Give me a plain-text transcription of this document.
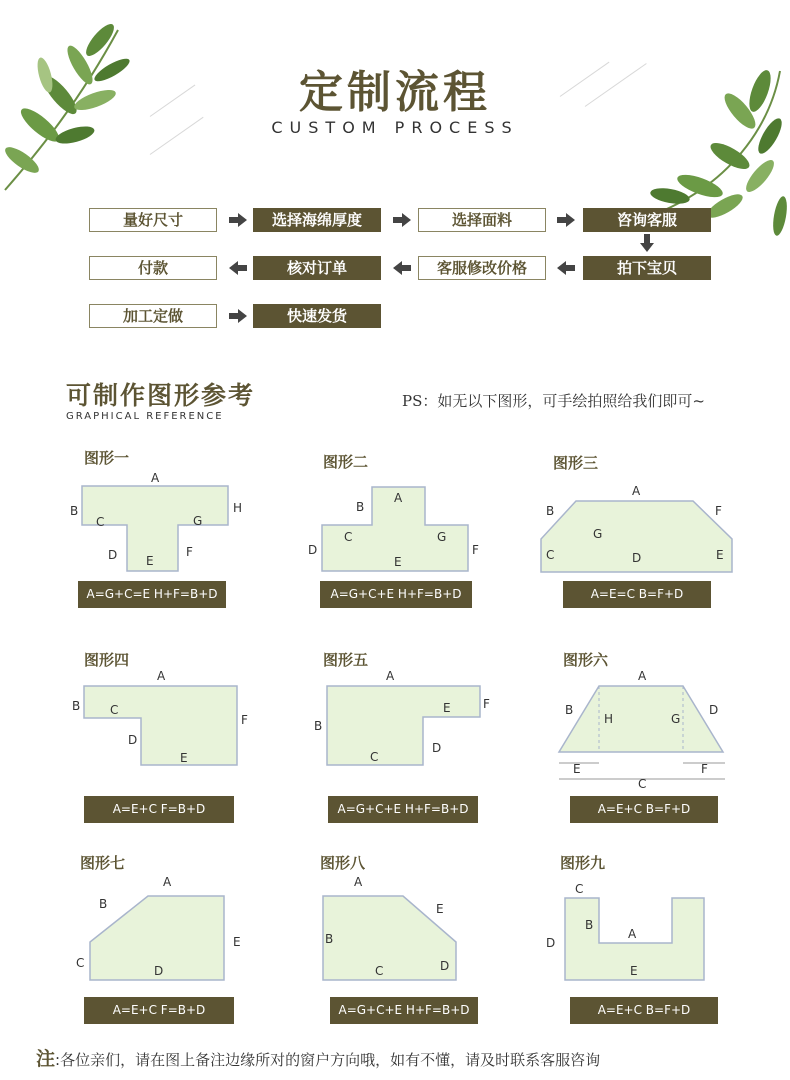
定制流程
CUSTOM PROCESS
量好尺寸	选择海绵厚度	选择面料	咨询客服
拍下宝贝
客服修改价格
核对订单
付款
加工定做	快速发货
可制作图形参考
GRAPHICAL REFERENCE
PS：如无以下图形，可手绘拍照给我们即可~
图形一
A
B
C
D E
F
G
H
A=G+C=E H+F=B+D
图形二
A
B
C
D
E
F
G
A=G+C+E H+F=B+D
图形三
A
B
G
C	D	E
F
A=E=C B=F+D
图形四
A
B C
D
E
F
A=E+C F=B+D
图形五
A
B
C
D
E	F
A=G+C+E H+F=B+D
图形六
A
B
H	G
D
E	F
C
A=E+C B=F+D
图形七
A
B
C
D
E
A=E+C F=B+D
图形八
A
E
B
C	D
A=G+C+E H+F=B+D
图形九
C
B
A
D
E
A=E+C B=F+D
注:各位亲们，请在图上备注边缘所对的窗户方向哦，如有不懂，请及时联系客服咨询
